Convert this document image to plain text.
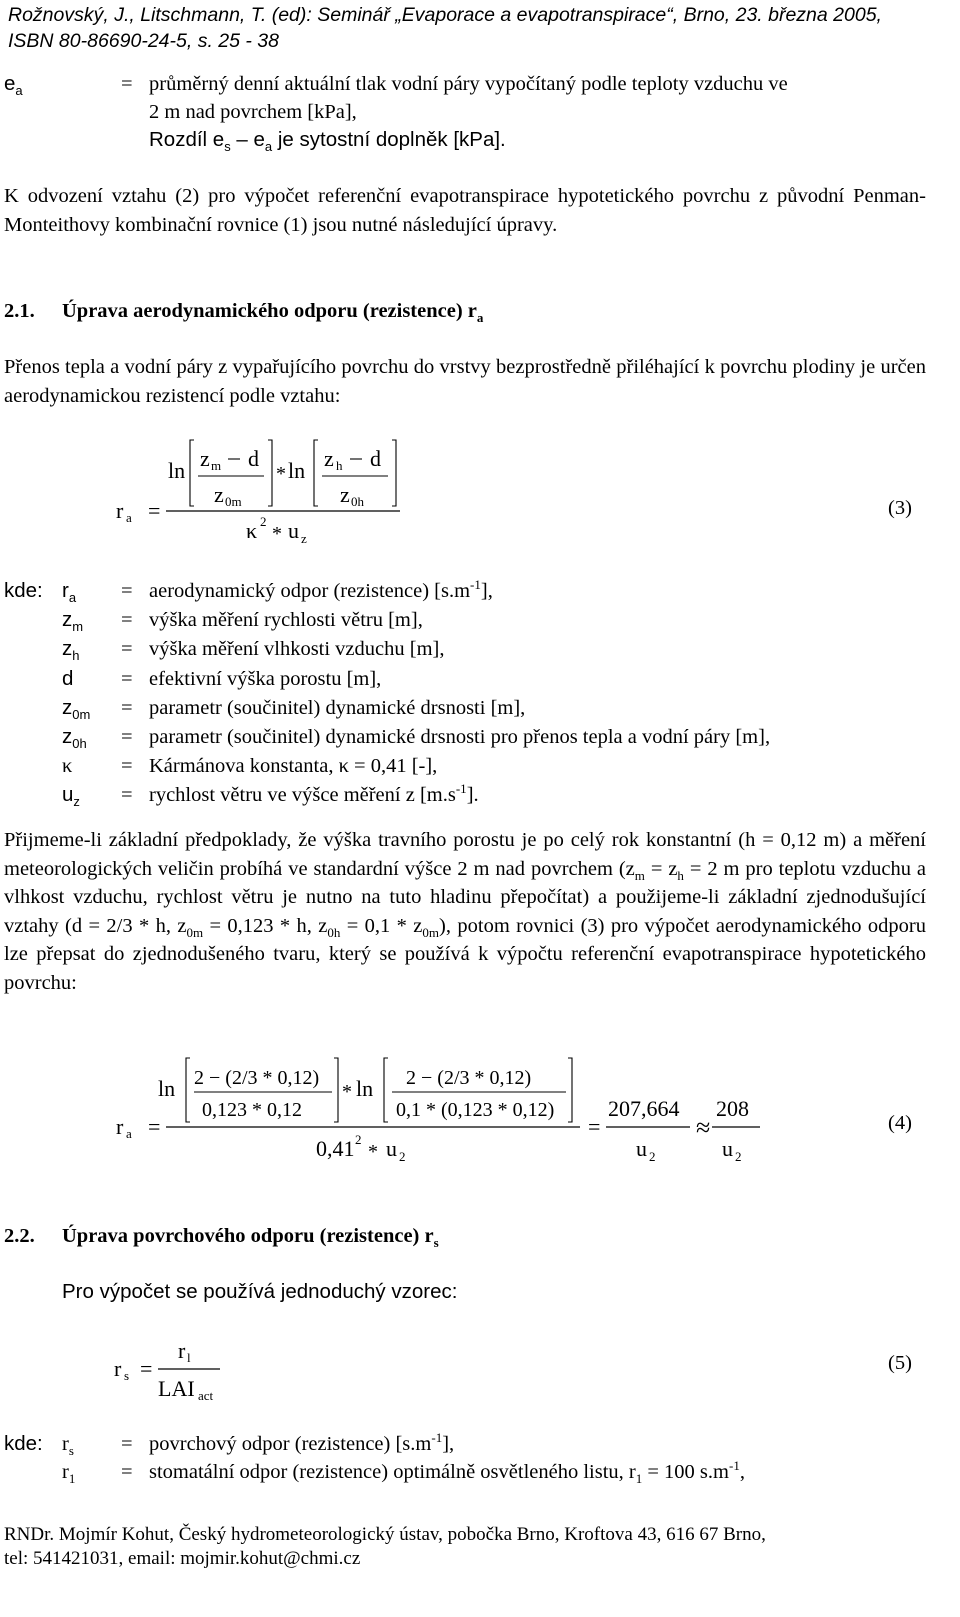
Rožnovský, J., Litschmann, T. (ed): Seminář „Evaporace a evapotranspirace“, Brno, 23. března 2005,
ISBN 80-86690-24-5, s. 25 - 38
$e_a$	= průměrný denní aktuální tlak vodní páry vypočítaný podle teploty vzduchu ve
2 m nad povrchem [kPa],
Rozdíl $e_s - e_a$ je sytostní doplněk [kPa].
K odvození vztahu (2) pro výpočet referenční evapotranspirace hypotetického povrchu z původní Penman-Monteithovy kombinační rovnice (1) jsou nutné následující úpravy.
2.1. Úprava aerodynamického odporu (rezistence) $r_a$
Přenos tepla a vodní páry z vypařujícího povrchu do vrstvy bezprostředně přiléhající k povrchu plodiny je určen aerodynamickou rezistencí podle vztahu:
r a =
ln z m d
z 0m
* ln z h d
z 0h
κ 2
* u z
(3)
kde: $r_a$ = aerodynamický odpor (rezistence) $[s.m^{-1}]$,
$z_m$ = výška měření rychlosti větru [m],
$z_h$ = výška měření vlhkosti vzduchu [m],
d = efektivní výška porostu [m],
$z_{0m}$ = parametr (součinitel) dynamické drsnosti [m],
$z_{0h}$ = parametr (součinitel) dynamické drsnosti pro přenos tepla a vodní páry [m],
κ = Kármánova konstanta, κ = 0,41 [-],
$u_z$ = rychlost větru ve výšce měření z $[m.s^{-1}]$.
Přijmeme-li základní předpoklady, že výška travního porostu je po celý rok konstantní (h = 0,12 m) a měření meteorologických veličin probíhá ve standardní výšce 2 m nad povrchem ($z_m = z_h = 2$ m pro teplotu vzduchu a vlhkost vzduchu, rychlost větru je nutno na tuto hladinu přepočítat) a použijeme-li základní zjednodušující vztahy (d = 2/3 * h, $z_{0m} = 0,123 * h$, $z_{0h} = 0,1 * z_{0m}$), potom rovnici (3) pro výpočet aerodynamického odporu lze přepsat do zjednodušeného tvaru, který se používá k výpočtu referenční evapotranspirace hypotetického povrchu:
r a =
ln 2 − (2/3 * 0,12)
0,123 * 0,12
* ln 2 − (2/3 * 0,12)
0,1 * (0,123 * 0,12)
0,41 2
* u 2
=
207,664
u 2
≈
208
u 2
(4)
2.2. Úprava povrchového odporu (rezistence) $r_s$
Pro výpočet se používá jednoduchý vzorec:
r s =
r l
LAI act
(5)
kde: $r_s$ = povrchový odpor (rezistence) $[s.m^{-1}]$,
$r_1$ = stomatální odpor (rezistence) optimálně osvětleného listu, $r_1 = 100$ $s.m^{-1}$,
RNDr. Mojmír Kohut, Český hydrometeorologický ústav, pobočka Brno, Kroftova 43, 616 67 Brno,
tel: 541421031, email: mojmir.kohut@chmi.cz
